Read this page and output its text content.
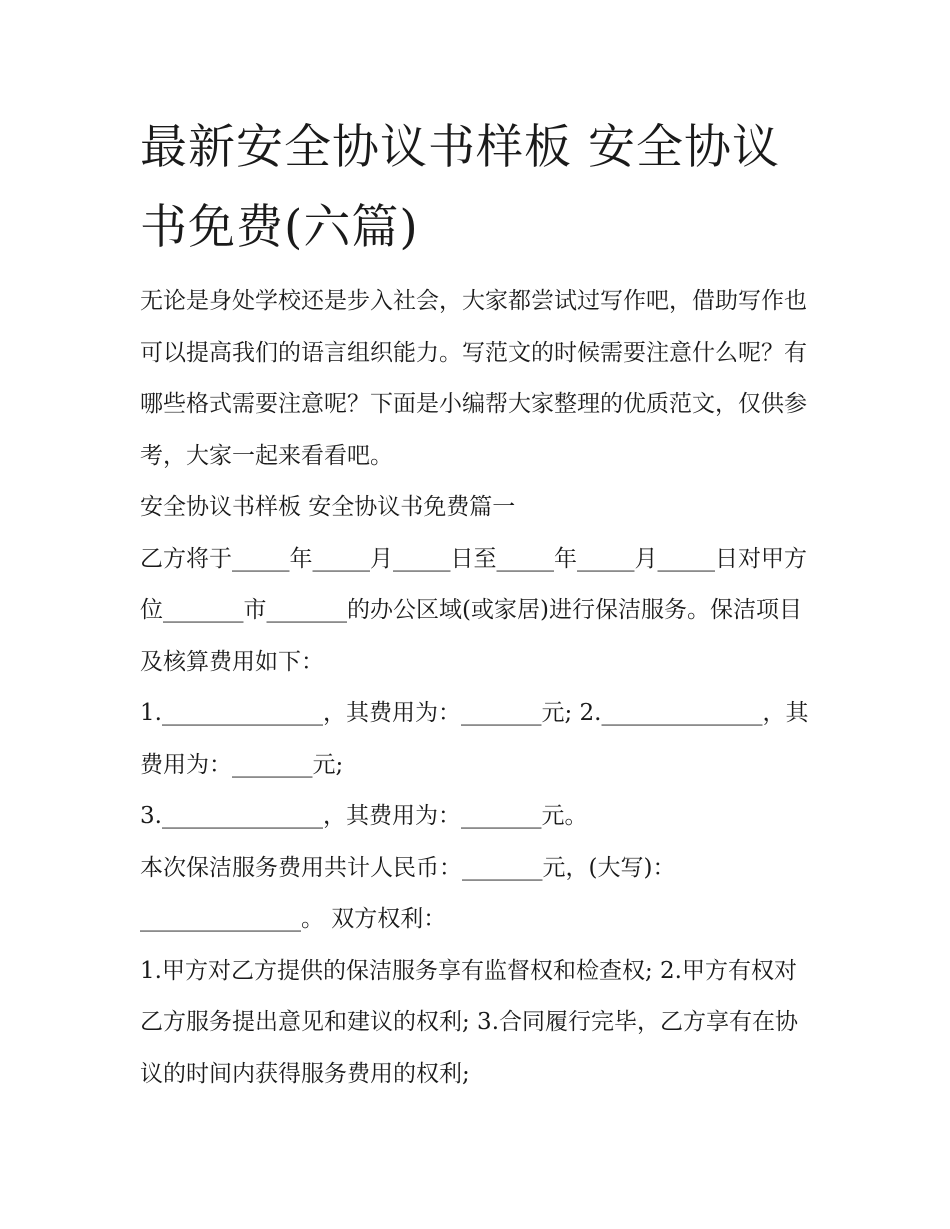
最新安全协议书样板 安全协议书免费(六篇)

无论是身处学校还是步入社会，大家都尝试过写作吧，借助写作也可以提高我们的语言组织能力。写范文的时候需要注意什么呢？有哪些格式需要注意呢？下面是小编帮大家整理的优质范文，仅供参考，大家一起来看看吧。

安全协议书样板 安全协议书免费篇一

乙方将于_____年_____月_____日至_____年_____月_____日对甲方位_______市_______的办公区域(或家居)进行保洁服务。保洁项目及核算费用如下：

1.______________，其费用为：_______元; 2.______________，其费用为：_______元;

3.______________，其费用为：_______元。

本次保洁服务费用共计人民币：_______元，(大写)：______________。 双方权利：

1.甲方对乙方提供的保洁服务享有监督权和检查权; 2.甲方有权对乙方服务提出意见和建议的权利; 3.合同履行完毕，乙方享有在协议的时间内获得服务费用的权利;
